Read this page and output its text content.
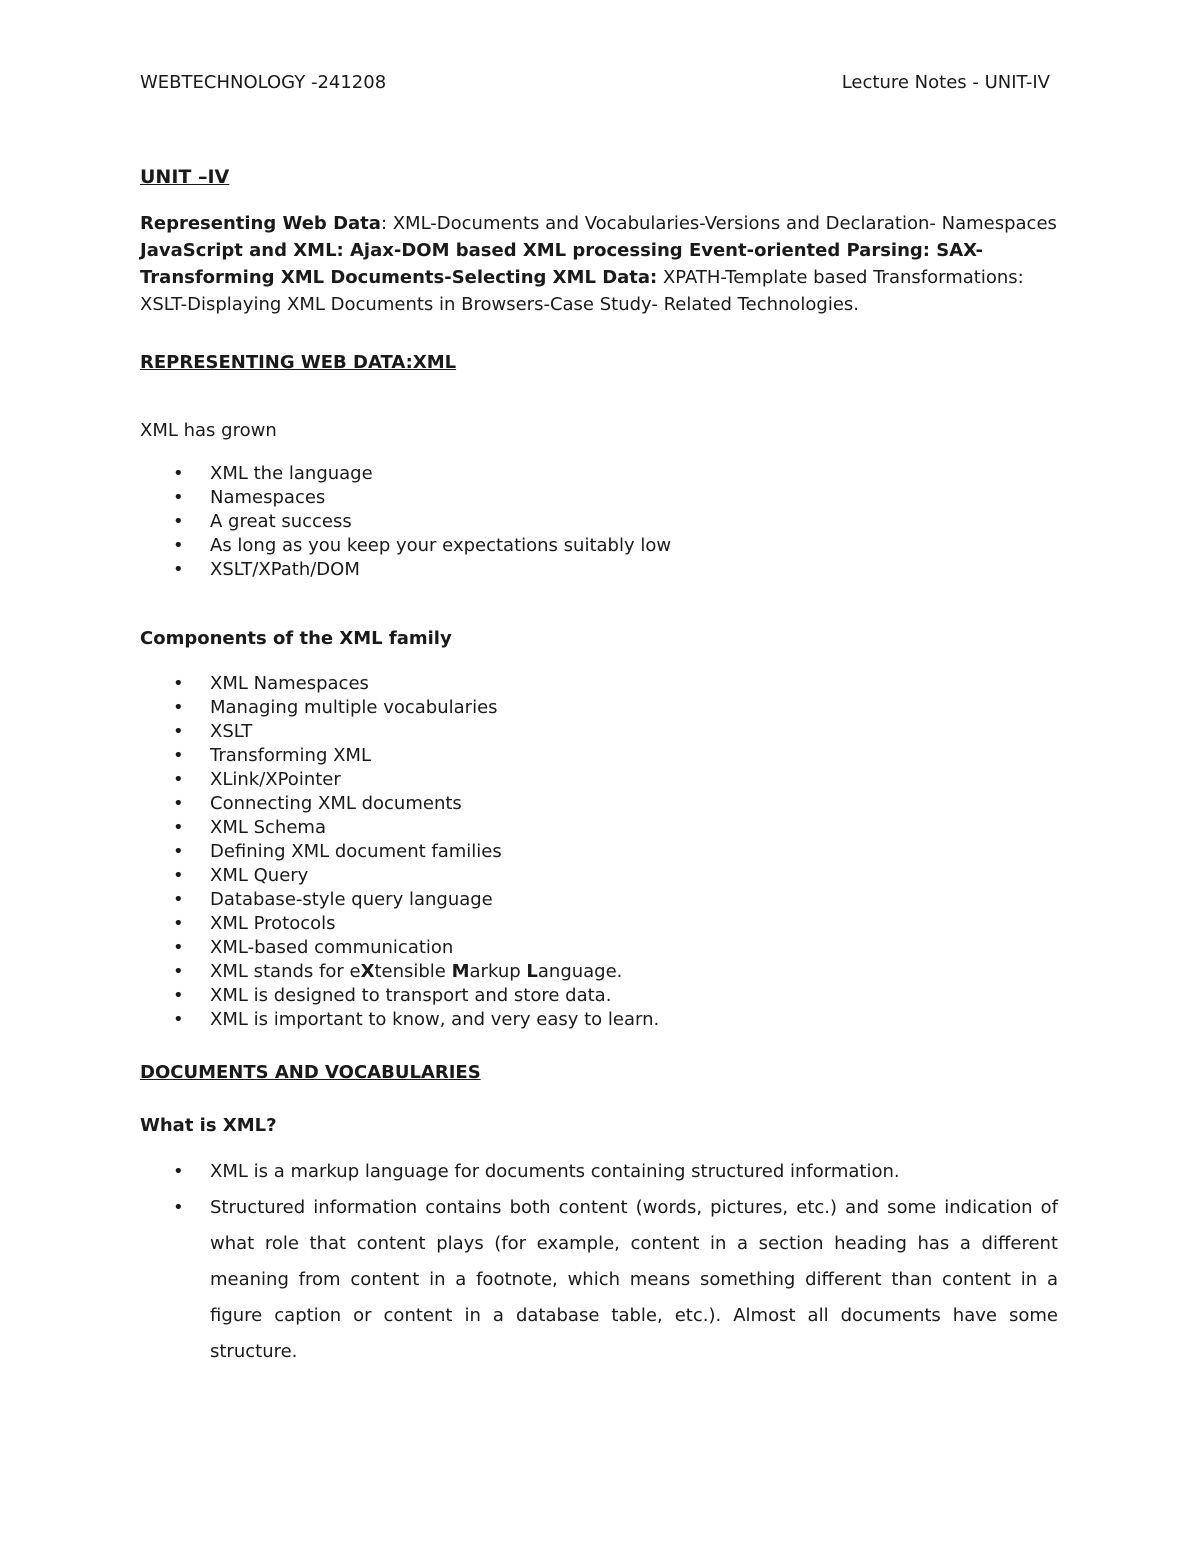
WEBTECHNOLOGY -241208	Lecture Notes - UNIT-IV

UNIT –IV

Representing Web Data: XML-Documents and Vocabularies-Versions and Declaration- Namespaces
JavaScript and XML: Ajax-DOM based XML processing Event-oriented Parsing: SAX-Transforming XML Documents-Selecting XML Data: XPATH-Template based Transformations: XSLT-Displaying XML Documents in Browsers-Case Study- Related Technologies.

REPRESENTING WEB DATA:XML

XML has grown

• XML the language
• Namespaces
• A great success
• As long as you keep your expectations suitably low
• XSLT/XPath/DOM

Components of the XML family

• XML Namespaces
• Managing multiple vocabularies
• XSLT
• Transforming XML
• XLink/XPointer
• Connecting XML documents
• XML Schema
• Defining XML document families
• XML Query
• Database-style query language
• XML Protocols
• XML-based communication
• XML stands for eXtensible Markup Language.
• XML is designed to transport and store data.
• XML is important to know, and very easy to learn.

DOCUMENTS AND VOCABULARIES

What is XML?

• XML is a markup language for documents containing structured information.
• Structured information contains both content (words, pictures, etc.) and some indication of what role that content plays (for example, content in a section heading has a different meaning from content in a footnote, which means something different than content in a figure caption or content in a database table, etc.). Almost all documents have some structure.
